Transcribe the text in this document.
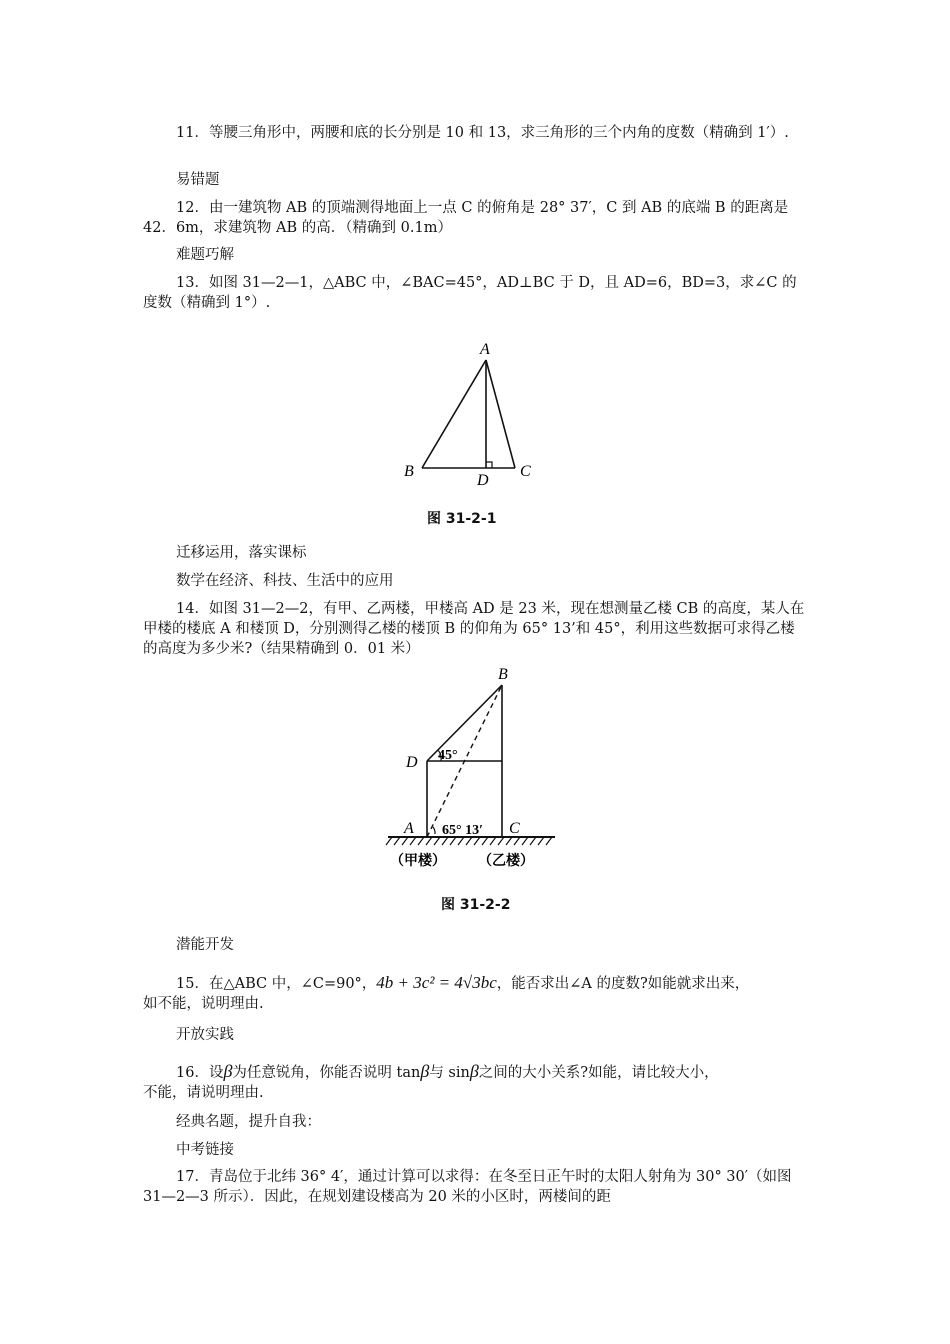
11．等腰三角形中，两腰和底的长分别是 10 和 13，求三角形的三个内角的度数（精确到 1′）.

易错题

12．由一建筑物 AB 的顶端测得地面上一点 C 的俯角是 28° 37′，C 到 AB 的底端 B 的距离是 42．6m，求建筑物 AB 的高．（精确到 0.1m）

难题巧解

13．如图 31—2—1，△ABC 中，∠BAC=45°，AD⊥BC 于 D，且 AD=6，BD=3，求∠C 的度数（精确到 1°）.

A
B	C
D
图 31-2-1

迁移运用，落实课标

数学在经济、科技、生活中的应用

14．如图 31—2—2，有甲、乙两楼，甲楼高 AD 是 23 米，现在想测量乙楼 CB 的高度，某人在甲楼的楼底 A 和楼顶 D，分别测得乙楼的楼顶 B 的仰角为 65° 13’和 45°，利用这些数据可求得乙楼的高度为多少米?（结果精确到 0．01 米）

B
D
A	C
45°
65° 13′
（甲楼） （乙楼）
图 31-2-2

潜能开发

15．在△ABC 中，∠C=90°，4b + 3c² = 4√3bc，能否求出∠A 的度数?如能就求出来，
如不能，说明理由.

开放实践

16．设β为任意锐角，你能否说明 tanβ与 sinβ之间的大小关系?如能，请比较大小，
不能，请说明理由.

经典名题，提升自我：

中考链接

17．青岛位于北纬 36° 4′，通过计算可以求得：在冬至日正午时的太阳人射角为 30° 30′（如图 31—2—3 所示）．因此，在规划建设楼高为 20 米的小区时，两楼间的距
